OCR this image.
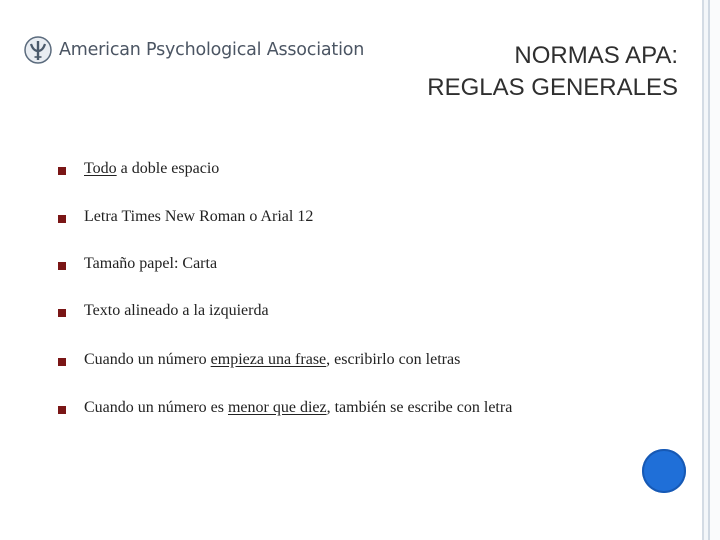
American Psychological Association	NORMAS APA:
REGLAS GENERALES
Todo a doble espacio
Letra Times New Roman o Arial 12
Tamaño papel: Carta
Texto alineado a la izquierda
Cuando un número empieza una frase, escribirlo con letras
Cuando un número es menor que diez, también se escribe con letra
